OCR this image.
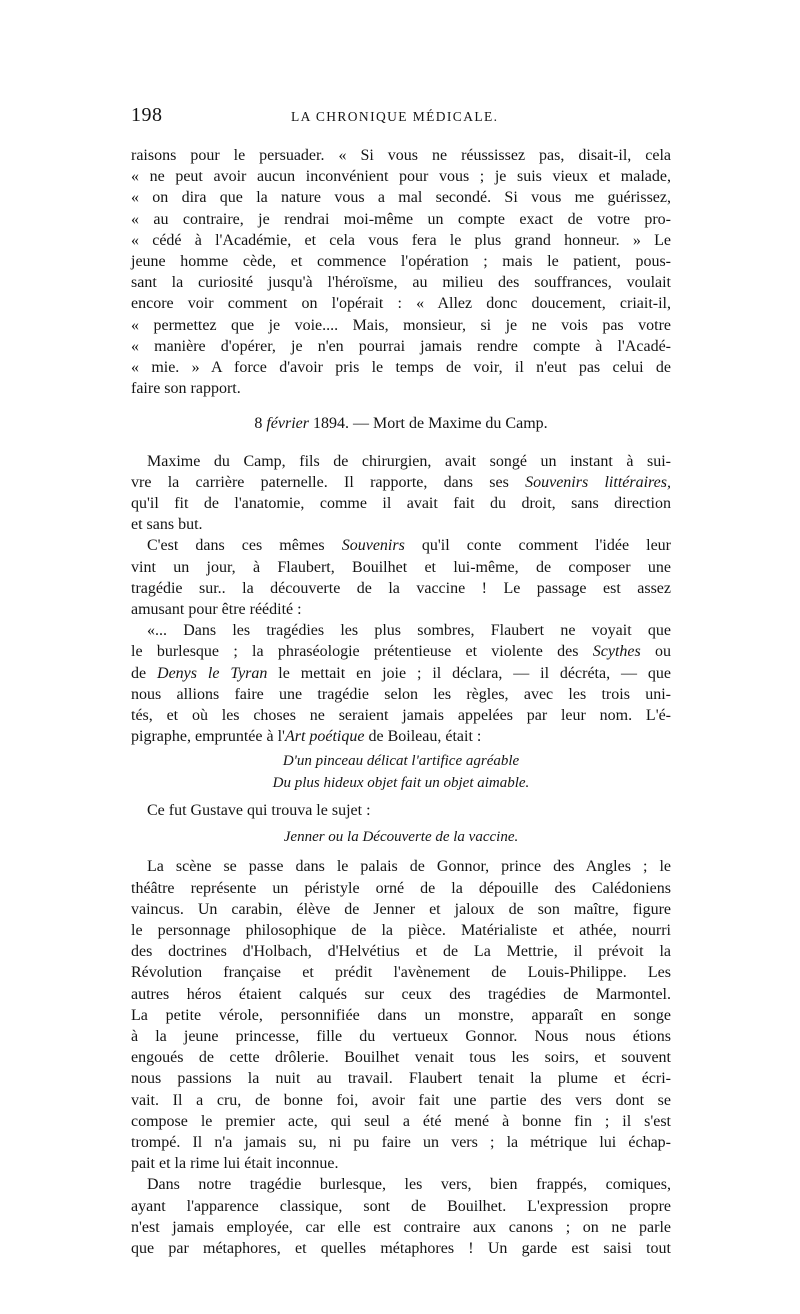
198	LA CHRONIQUE MÉDICALE.

raisons pour le persuader. « Si vous ne réussissez pas, disait-il, cela

« ne peut avoir aucun inconvénient pour vous ; je suis vieux et malade,

« on dira que la nature vous a mal secondé. Si vous me guérissez,

« au contraire, je rendrai moi-même un compte exact de votre pro-

« cédé à l'Académie, et cela vous fera le plus grand honneur. » Le

jeune homme cède, et commence l'opération ; mais le patient, pous-

sant la curiosité jusqu'à l'héroïsme, au milieu des souffrances, voulait

encore voir comment on l'opérait : « Allez donc doucement, criait-il,

« permettez que je voie.... Mais, monsieur, si je ne vois pas votre

« manière d'opérer, je n'en pourrai jamais rendre compte à l'Acadé-

« mie. » A force d'avoir pris le temps de voir, il n'eut pas celui de

faire son rapport.

8 février 1894. — Mort de Maxime du Camp.

Maxime du Camp, fils de chirurgien, avait songé un instant à sui-

vre la carrière paternelle. Il rapporte, dans ses Souvenirs littéraires,

qu'il fit de l'anatomie, comme il avait fait du droit, sans direction

et sans but.

C'est dans ces mêmes Souvenirs qu'il conte comment l'idée leur

vint un jour, à Flaubert, Bouilhet et lui-même, de composer une

tragédie sur.. la découverte de la vaccine ! Le passage est assez

amusant pour être réédité :

«... Dans les tragédies les plus sombres, Flaubert ne voyait que

le burlesque ; la phraséologie prétentieuse et violente des Scythes ou

de Denys le Tyran le mettait en joie ; il déclara, — il décréta, — que

nous allions faire une tragédie selon les règles, avec les trois uni-

tés, et où les choses ne seraient jamais appelées par leur nom. L'é-

pigraphe, empruntée à l'Art poétique de Boileau, était :

D'un pinceau délicat l'artifice agréable

Du plus hideux objet fait un objet aimable.

Ce fut Gustave qui trouva le sujet :

Jenner ou la Découverte de la vaccine.

La scène se passe dans le palais de Gonnor, prince des Angles ; le

théâtre représente un péristyle orné de la dépouille des Calédoniens

vaincus. Un carabin, élève de Jenner et jaloux de son maître, figure

le personnage philosophique de la pièce. Matérialiste et athée, nourri

des doctrines d'Holbach, d'Helvétius et de La Mettrie, il prévoit la

Révolution française et prédit l'avènement de Louis-Philippe. Les

autres héros étaient calqués sur ceux des tragédies de Marmontel.

La petite vérole, personnifiée dans un monstre, apparaît en songe

à la jeune princesse, fille du vertueux Gonnor. Nous nous étions

engoués de cette drôlerie. Bouilhet venait tous les soirs, et souvent

nous passions la nuit au travail. Flaubert tenait la plume et écri-

vait. Il a cru, de bonne foi, avoir fait une partie des vers dont se

compose le premier acte, qui seul a été mené à bonne fin ; il s'est

trompé. Il n'a jamais su, ni pu faire un vers ; la métrique lui échap-

pait et la rime lui était inconnue.

Dans notre tragédie burlesque, les vers, bien frappés, comiques,

ayant l'apparence classique, sont de Bouilhet. L'expression propre

n'est jamais employée, car elle est contraire aux canons ; on ne parle

que par métaphores, et quelles métaphores ! Un garde est saisi tout
